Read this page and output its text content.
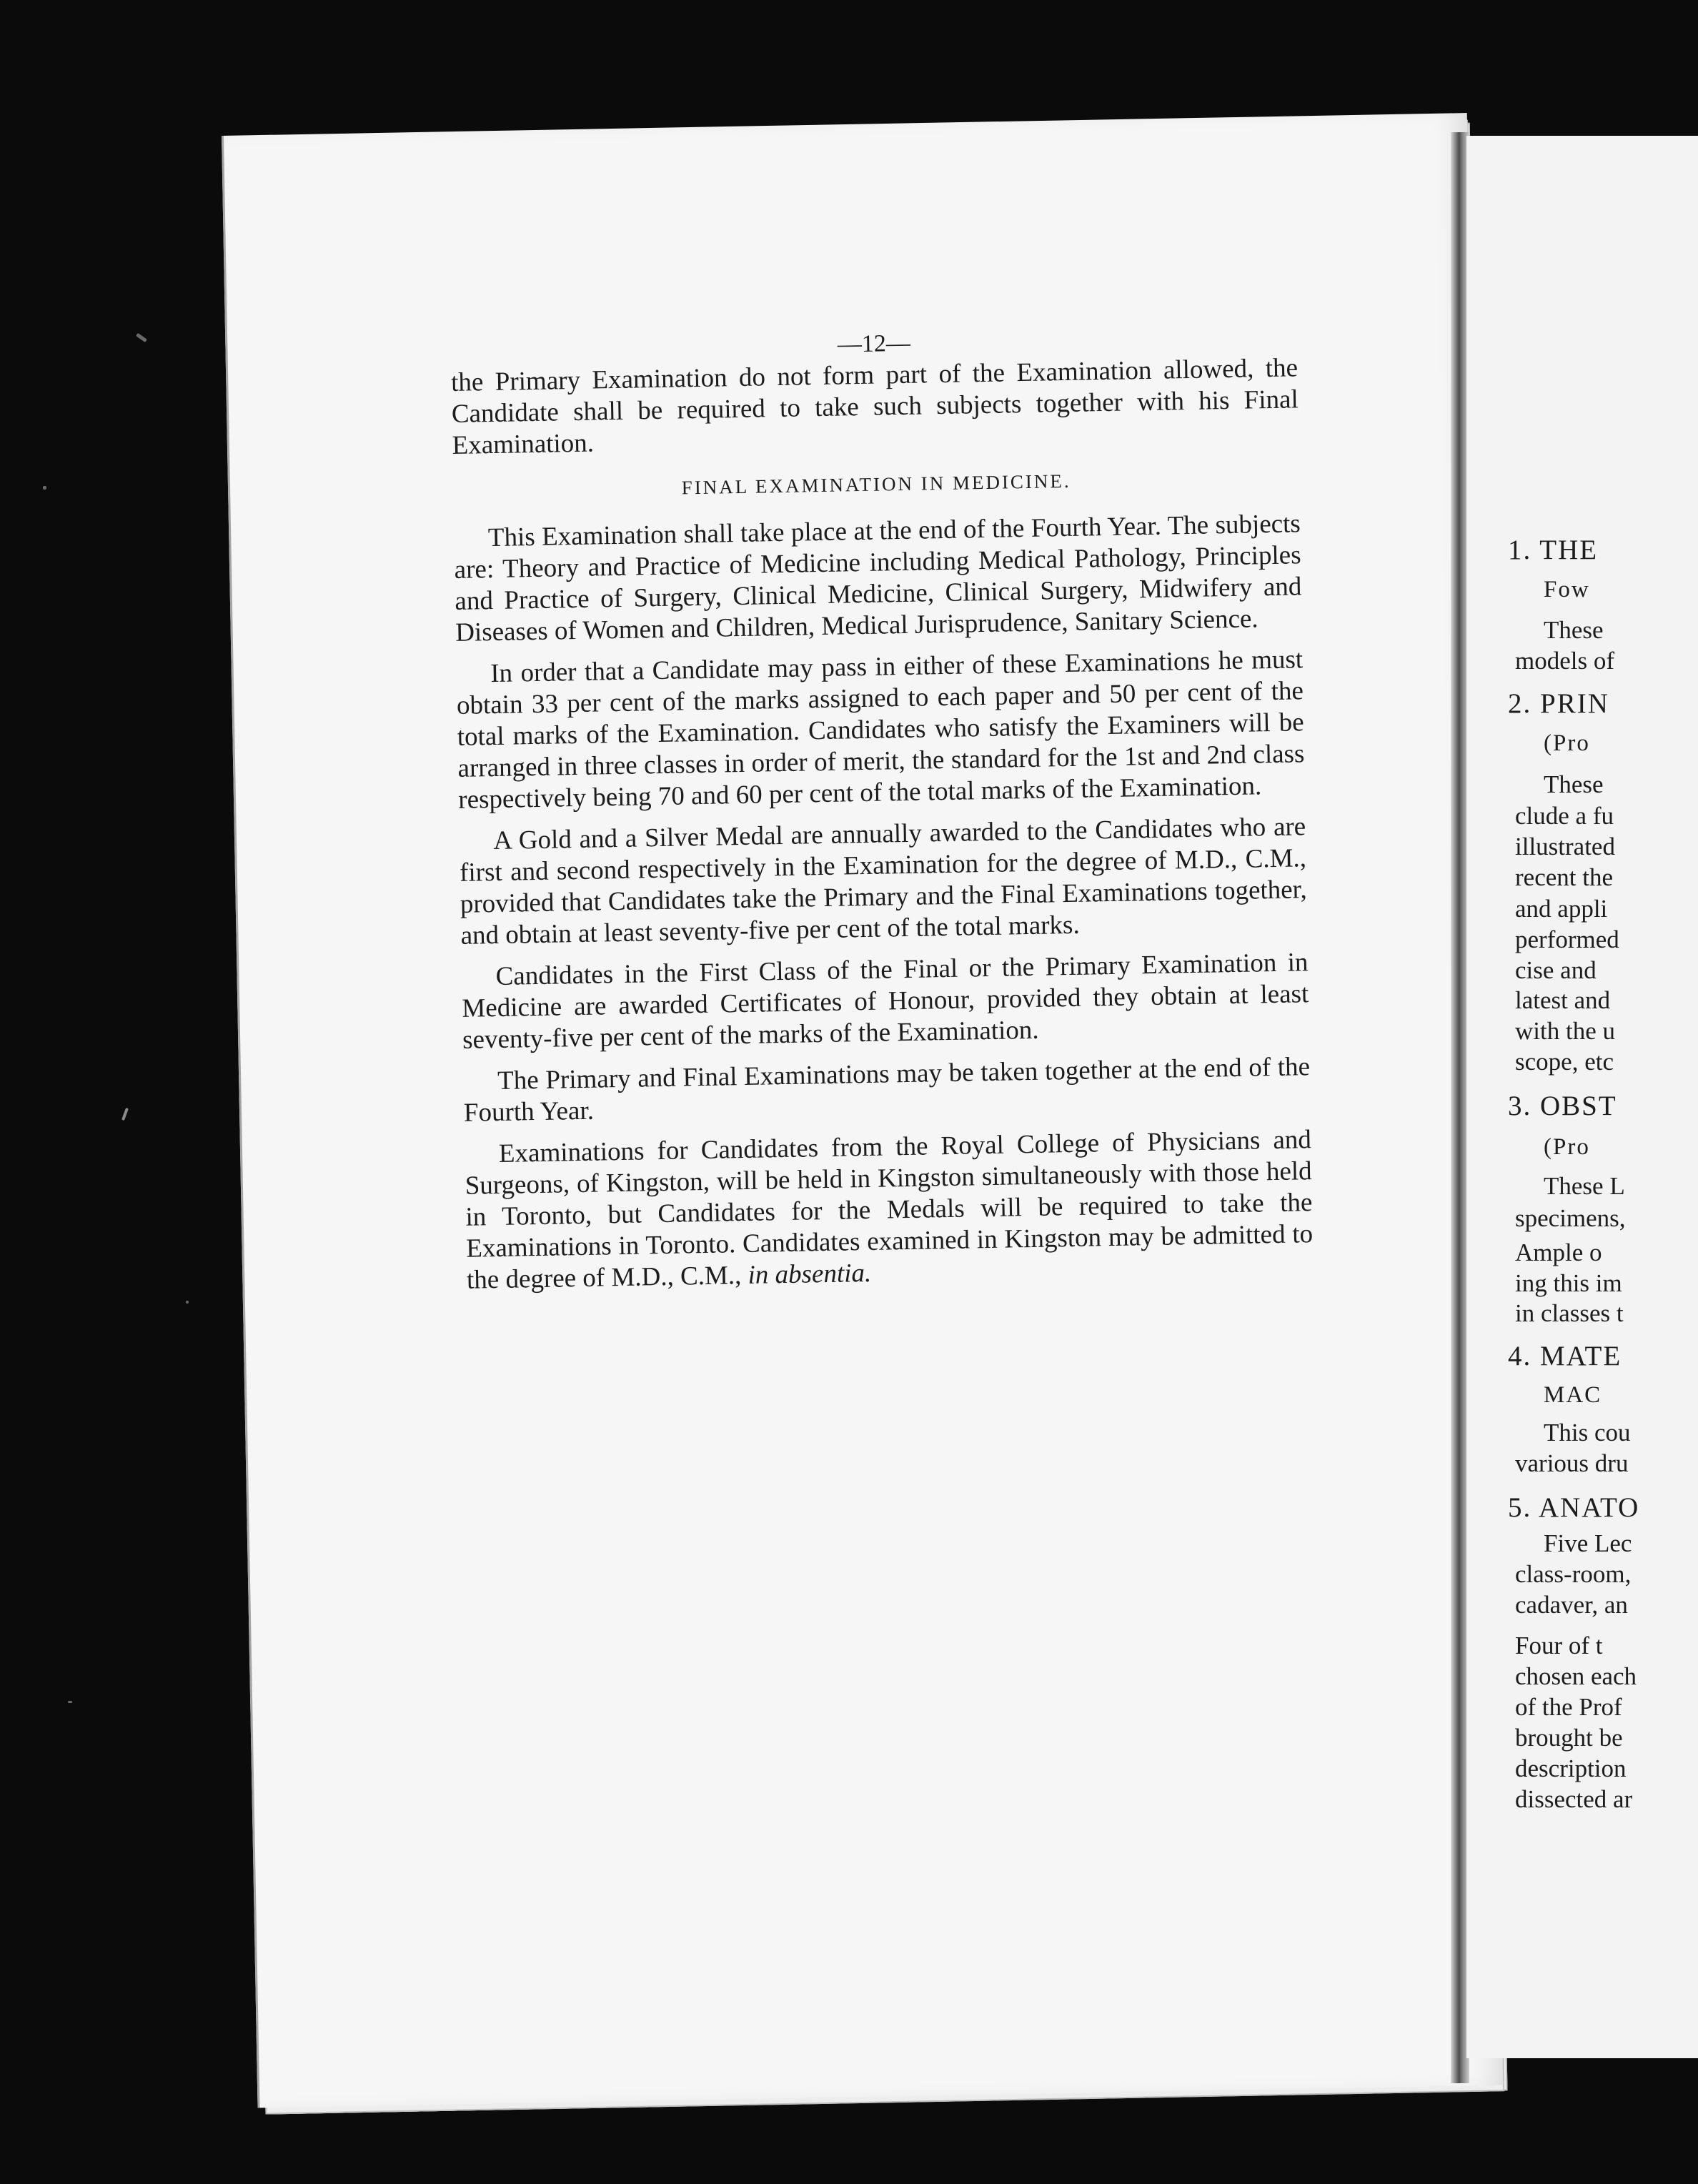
—12—

the Primary Examination do not form part of the Examination allowed, the Candidate shall be required to take such subjects together with his Final Examination.

FINAL EXAMINATION IN MEDICINE.

This Examination shall take place at the end of the Fourth Year. The subjects are: Theory and Practice of Medicine including Medical Pathology, Principles and Practice of Surgery, Clinical Medicine, Clinical Surgery, Midwifery and Diseases of Women and Children, Medical Jurisprudence, Sanitary Science.

In order that a Candidate may pass in either of these Examinations he must obtain 33 per cent of the marks assigned to each paper and 50 per cent of the total marks of the Examination. Candidates who satisfy the Examiners will be arranged in three classes in order of merit, the standard for the 1st and 2nd class respectively being 70 and 60 per cent of the total marks of the Examination.

A Gold and a Silver Medal are annually awarded to the Candidates who are first and second respectively in the Examination for the degree of M.D., C.M., provided that Candidates take the Primary and the Final Examinations together, and obtain at least seventy-five per cent of the total marks.

Candidates in the First Class of the Final or the Primary Examination in Medicine are awarded Certificates of Honour, provided they obtain at least seventy-five per cent of the marks of the Examination.

The Primary and Final Examinations may be taken together at the end of the Fourth Year.

Examinations for Candidates from the Royal College of Physicians and Surgeons, of Kingston, will be held in Kingston simultaneously with those held in Toronto, but Candidates for the Medals will be required to take the Examinations in Toronto. Candidates examined in Kingston may be admitted to the degree of M.D., C.M., in absentia.

1. THE
Fow
These
models of
2. PRIN
(Pro
These
clude a fu
illustrated
recent the
and appli
performed
cise and
latest and
with the u
scope, etc
3. OBST
(Pro
These L
specimens,
Ample o
ing this im
in classes t
4. MATE
MAC
This cou
various dru
5. ANATO
Five Lec
class-room,
cadaver, an
Four of t
chosen each
of the Prof
brought be
description
dissected ar
